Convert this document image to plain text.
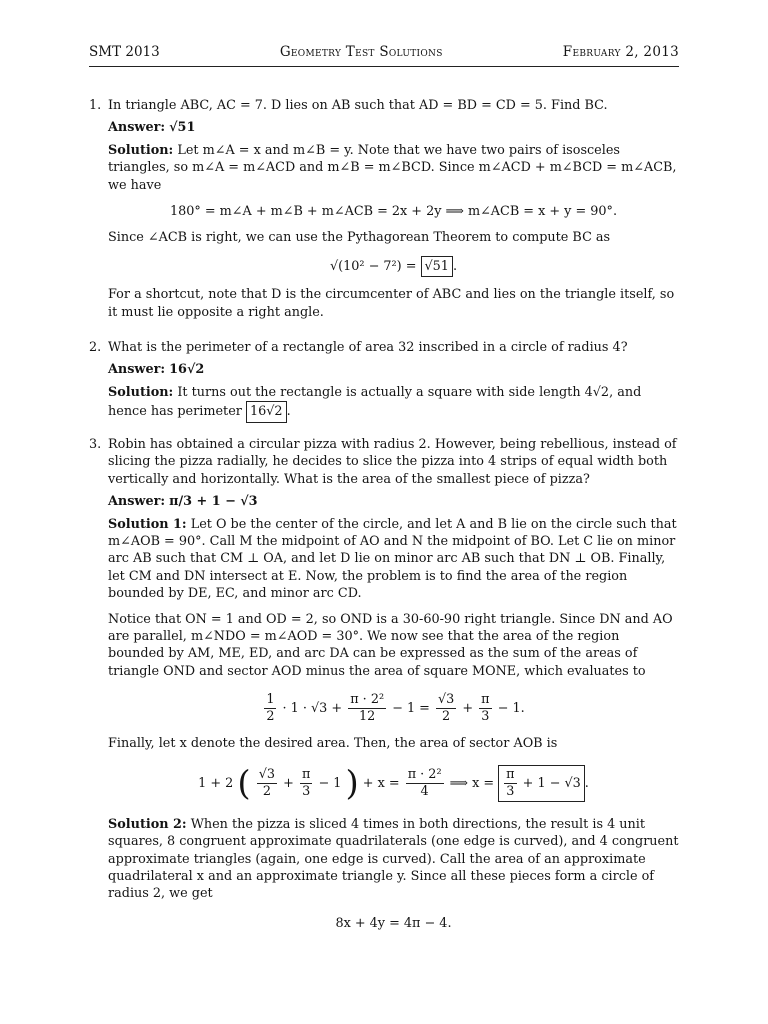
SMT 2013	Geometry Test Solutions	February 2, 2013
1. In triangle ABC, AC = 7. D lies on AB such that AD = BD = CD = 5. Find BC.
Answer: √51
Solution: Let m∠A = x and m∠B = y. Note that we have two pairs of isosceles triangles, so m∠A = m∠ACD and m∠B = m∠BCD. Since m∠ACD + m∠BCD = m∠ACB, we have
180° = m∠A + m∠B + m∠ACB = 2x + 2y ⟹ m∠ACB = x + y = 90°.
Since ∠ACB is right, we can use the Pythagorean Theorem to compute BC as
√(10² − 7²) = √51 .
For a shortcut, note that D is the circumcenter of ABC and lies on the triangle itself, so it must lie opposite a right angle.
2. What is the perimeter of a rectangle of area 32 inscribed in a circle of radius 4?
Answer: 16√2
Solution: It turns out the rectangle is actually a square with side length 4√2, and hence has perimeter 16√2 .
3. Robin has obtained a circular pizza with radius 2. However, being rebellious, instead of slicing the pizza radially, he decides to slice the pizza into 4 strips of equal width both vertically and horizontally. What is the area of the smallest piece of pizza?
Answer: π/3 + 1 − √3
Solution 1: Let O be the center of the circle, and let A and B lie on the circle such that m∠AOB = 90°. Call M the midpoint of AO and N the midpoint of BO. Let C lie on minor arc AB such that CM ⊥ OA, and let D lie on minor arc AB such that DN ⊥ OB. Finally, let CM and DN intersect at E. Now, the problem is to find the area of the region bounded by DE, EC, and minor arc CD.
Notice that ON = 1 and OD = 2, so OND is a 30-60-90 right triangle. Since DN and AO are parallel, m∠NDO = m∠AOD = 30°. We now see that the area of the region bounded by AM, ME, ED, and arc DA can be expressed as the sum of the areas of triangle OND and sector AOD minus the area of square MONE, which evaluates to
$\frac{1}{2} \cdot 1 \cdot √3 + \frac{\text{π · 2²}}{12} - 1 = \frac{√3}{2} + \frac{\pi}{3} - 1$.
Finally, let x denote the desired area. Then, the area of sector AOB is
1 + 2 ( $\frac{√3}{2} + \frac{\pi}{3} - 1$ ) + $x = \frac{\text{π · 2²}}{4}$ ⟹ $x = \frac{\pi}{3} + 1 - √3$ .
Solution 2: When the pizza is sliced 4 times in both directions, the result is 4 unit squares, 8 congruent approximate quadrilaterals (one edge is curved), and 4 congruent approximate triangles (again, one edge is curved). Call the area of an approximate quadrilateral x and an approximate triangle y. Since all these pieces form a circle of radius 2, we get
8x + 4y = 4π − 4.
